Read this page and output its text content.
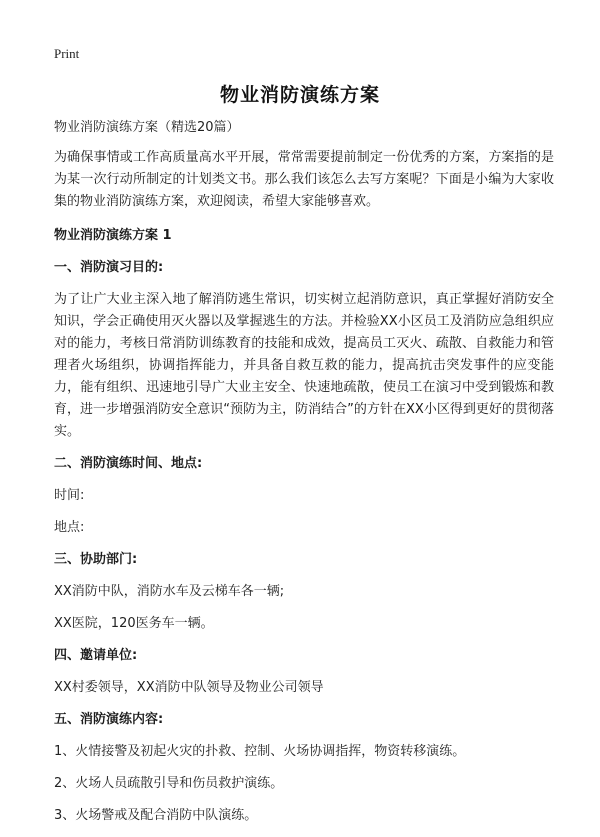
Print
物业消防演练方案

物业消防演练方案（精选20篇）

为确保事情或工作高质量高水平开展，常常需要提前制定一份优秀的方案，方案指的是为某一次行动所制定的计划类文书。那么我们该怎么去写方案呢？下面是小编为大家收集的物业消防演练方案，欢迎阅读，希望大家能够喜欢。

物业消防演练方案 1

一、消防演习目的:

为了让广大业主深入地了解消防逃生常识，切实树立起消防意识，真正掌握好消防安全知识，学会正确使用灭火器以及掌握逃生的方法。并检验XX小区员工及消防应急组织应对的能力，考核日常消防训练教育的技能和成效，提高员工灭火、疏散、自救能力和管理者火场组织，协调指挥能力，并具备自救互救的能力，提高抗击突发事件的应变能力，能有组织、迅速地引导广大业主安全、快速地疏散，使员工在演习中受到锻炼和教育，进一步增强消防安全意识“预防为主，防消结合”的方针在XX小区得到更好的贯彻落实。

二、消防演练时间、地点:

时间:

地点:

三、协助部门:

XX消防中队，消防水车及云梯车各一辆;

XX医院，120医务车一辆。

四、邀请单位:

XX村委领导，XX消防中队领导及物业公司领导

五、消防演练内容:

1、火情接警及初起火灾的扑救、控制、火场协调指挥，物资转移演练。

2、火场人员疏散引导和伤员救护演练。

3、火场警戒及配合消防中队演练。
